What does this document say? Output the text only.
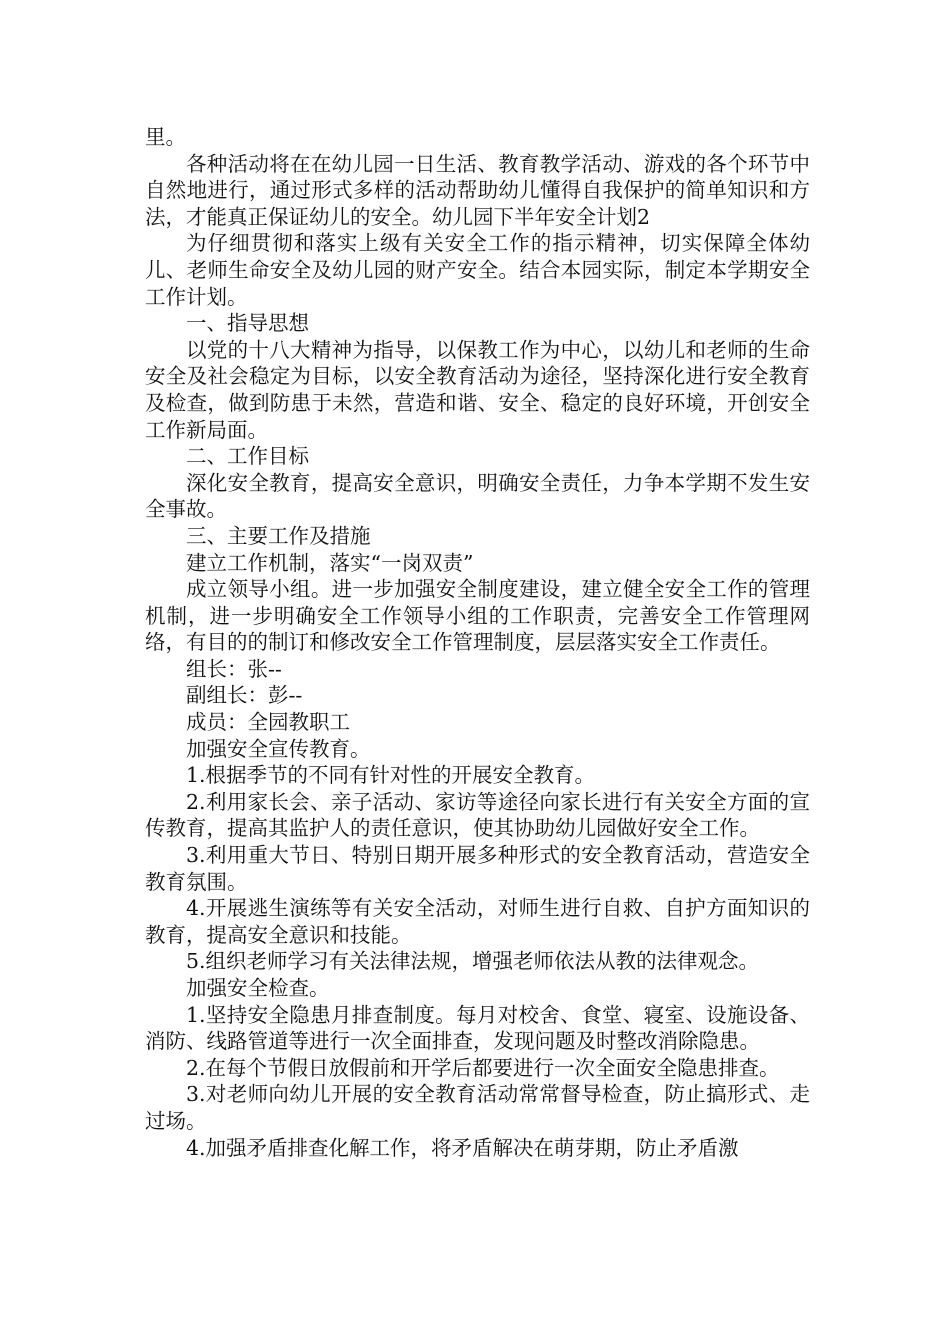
里。

各种活动将在在幼儿园一日生活、教育教学活动、游戏的各个环节中自然地进行，通过形式多样的活动帮助幼儿懂得自我保护的简单知识和方法，才能真正保证幼儿的安全。幼儿园下半年安全计划2

为仔细贯彻和落实上级有关安全工作的指示精神，切实保障全体幼儿、老师生命安全及幼儿园的财产安全。结合本园实际，制定本学期安全工作计划。

一、指导思想

以党的十八大精神为指导，以保教工作为中心，以幼儿和老师的生命安全及社会稳定为目标，以安全教育活动为途径，坚持深化进行安全教育及检查，做到防患于未然，营造和谐、安全、稳定的良好环境，开创安全工作新局面。

二、工作目标

深化安全教育，提高安全意识，明确安全责任，力争本学期不发生安全事故。

三、主要工作及措施

建立工作机制，落实“一岗双责”

成立领导小组。进一步加强安全制度建设，建立健全安全工作的管理机制，进一步明确安全工作领导小组的工作职责，完善安全工作管理网络，有目的的制订和修改安全工作管理制度，层层落实安全工作责任。

组长：张--

副组长：彭--

成员：全园教职工

加强安全宣传教育。

1.根据季节的不同有针对性的开展安全教育。

2.利用家长会、亲子活动、家访等途径向家长进行有关安全方面的宣传教育，提高其监护人的责任意识，使其协助幼儿园做好安全工作。

3.利用重大节日、特别日期开展多种形式的安全教育活动，营造安全教育氛围。

4.开展逃生演练等有关安全活动，对师生进行自救、自护方面知识的教育，提高安全意识和技能。

5.组织老师学习有关法律法规，增强老师依法从教的法律观念。

加强安全检查。

1.坚持安全隐患月排查制度。每月对校舍、食堂、寝室、设施设备、消防、线路管道等进行一次全面排查，发现问题及时整改消除隐患。

2.在每个节假日放假前和开学后都要进行一次全面安全隐患排查。

3.对老师向幼儿开展的安全教育活动常常督导检查，防止搞形式、走过场。

4.加强矛盾排查化解工作，将矛盾解决在萌芽期，防止矛盾激
